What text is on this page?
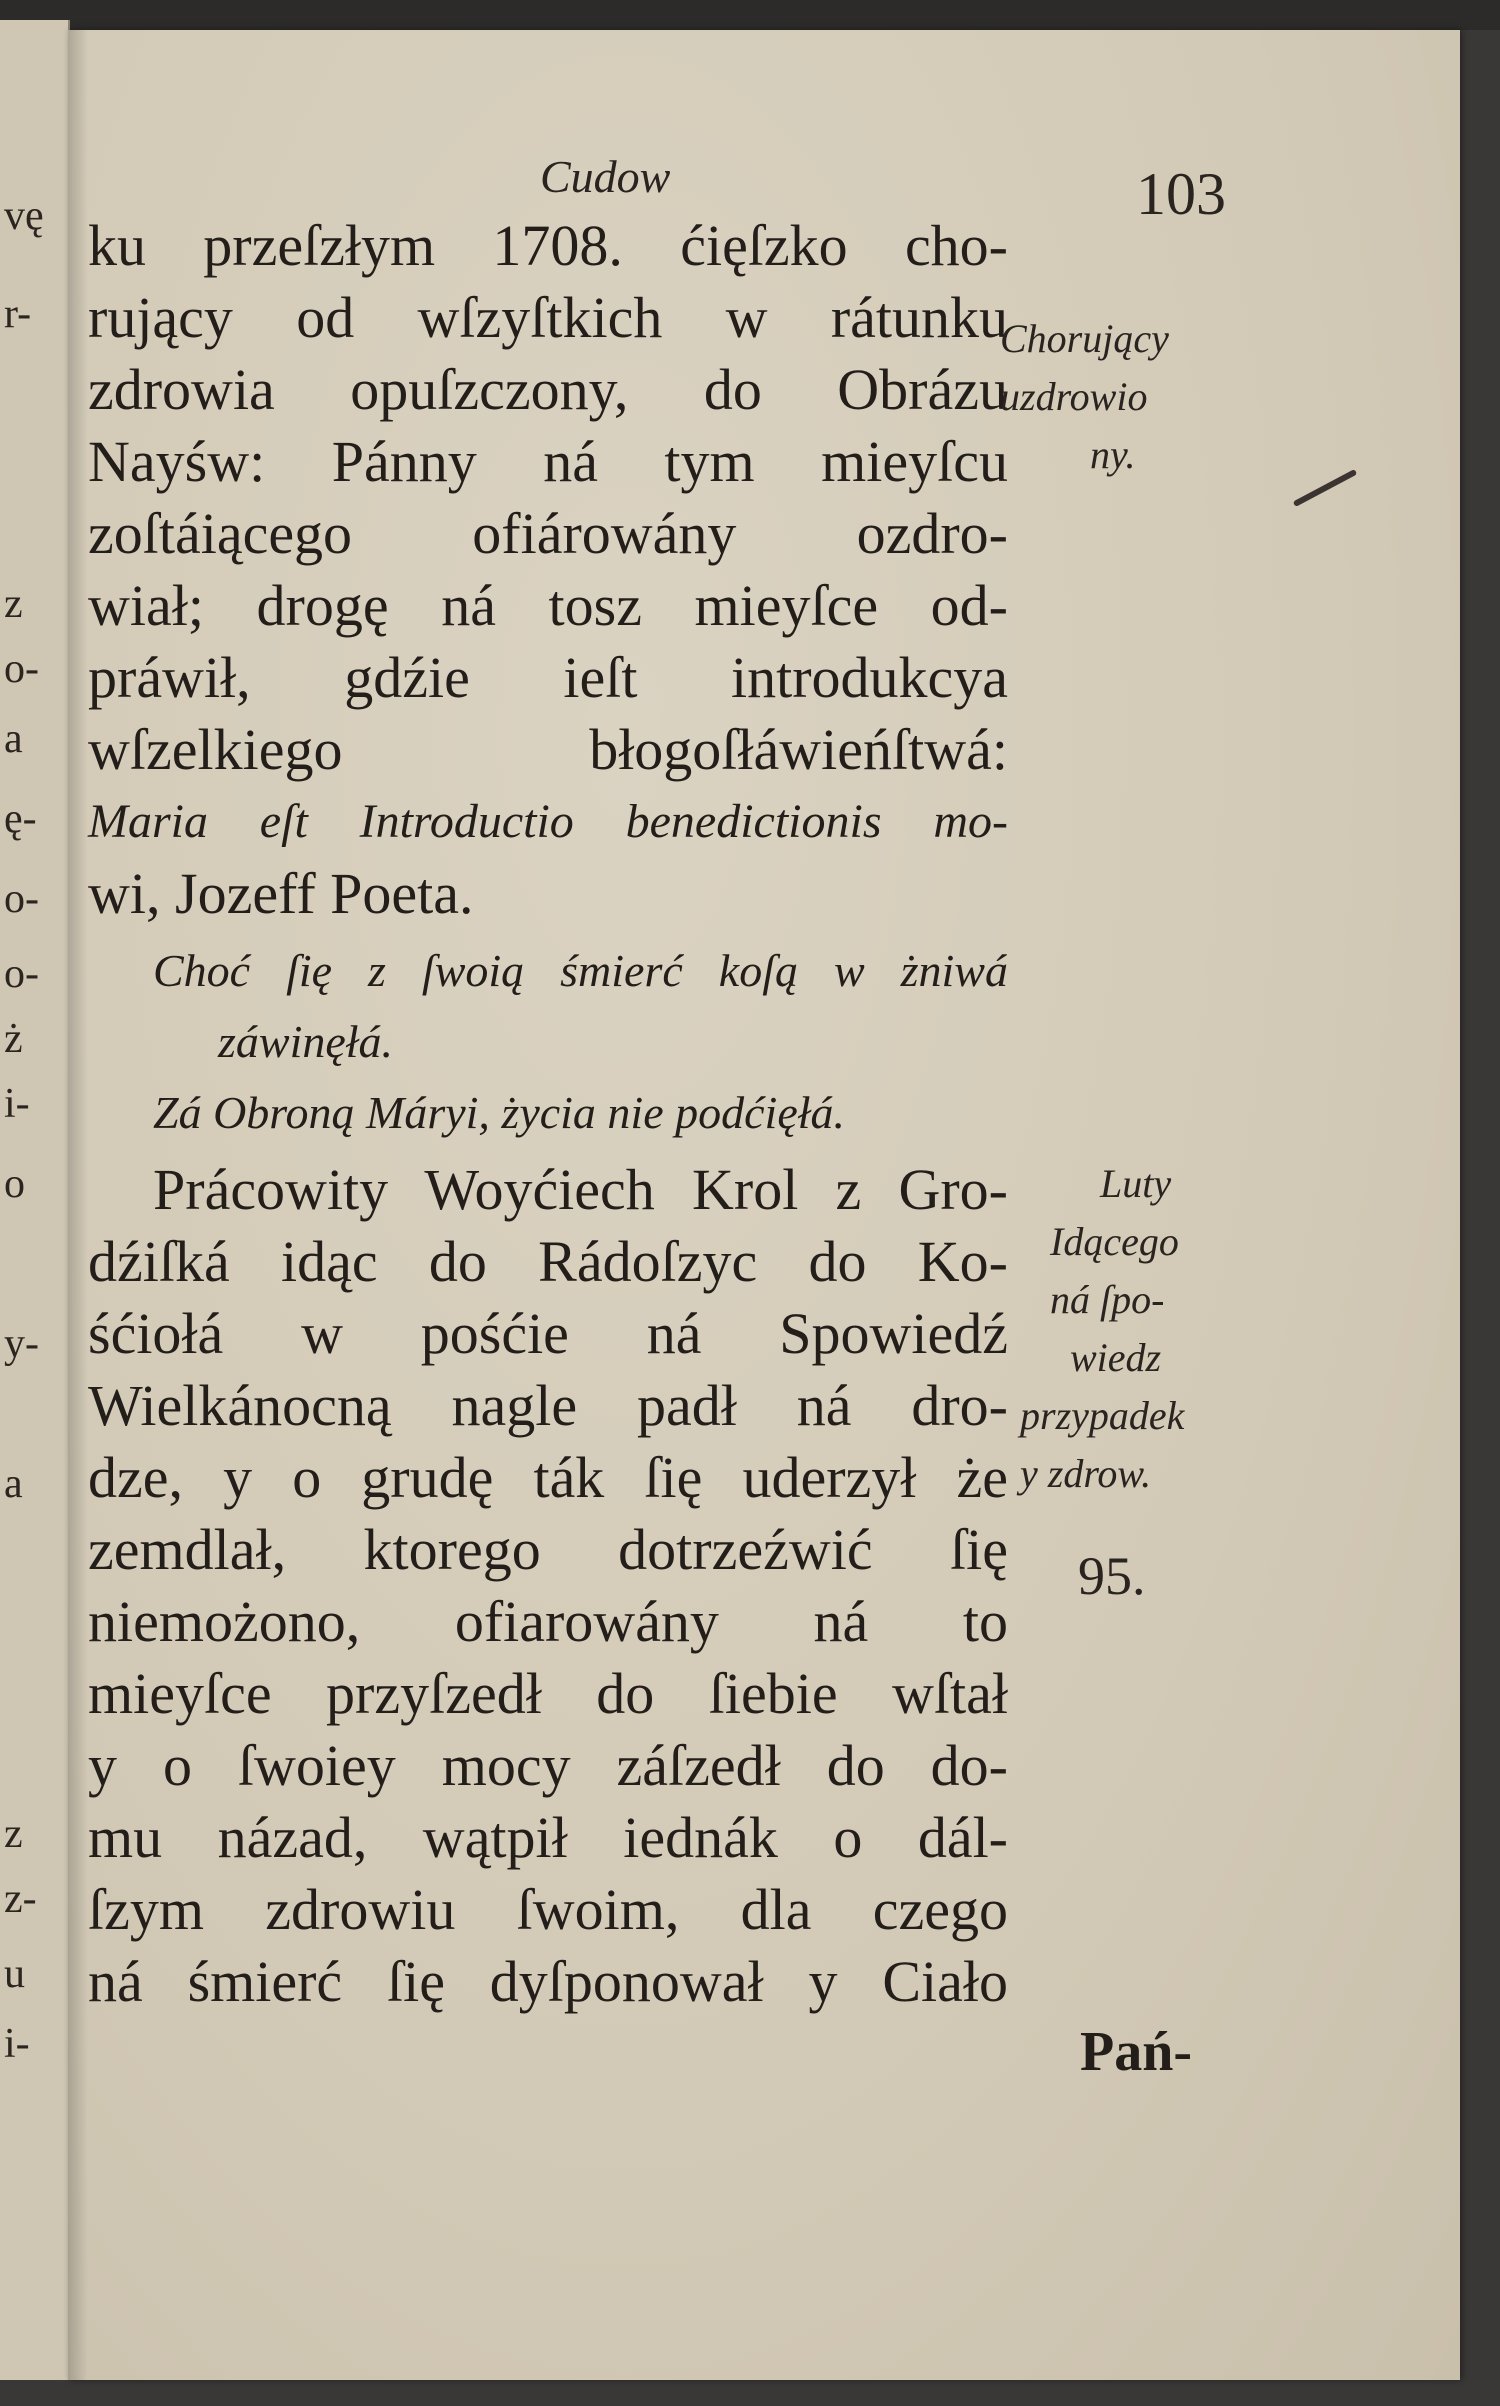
vę
r-
z
o-
a
ę-
o-
o-
ż
i-
o
y-
a
z
z-
u
i-
Cudow	103
ku przeſzłym 1708. ćięſzko cho-
rujący od wſzyſtkich w rátunku
zdrowia opuſzczony, do Obrázu
Nayśw: Pánny ná tym mieyſcu
zoſtáiącego ofiárowány ozdro-
wiał; drogę ná tosz mieyſce od-
práwił, gdźie ieſt introdukcya
wſzelkiego błogoſłáwieńſtwá:
Maria eſt Introductio benedictionis mo-
wi, Jozeff Poeta.
Choć ſię z ſwoią śmierć koſą w żniwá
záwinęłá.
Zá Obroną Máryi, życia nie podćięłá.
Prácowity Woyćiech Krol z Gro-
dźiſká idąc do Rádoſzyc do Ko-
śćiołá w pośćie ná Spowiedź
Wielkánocną nagle padł ná dro-
dze, y o grudę ták ſię uderzył że
zemdlał, ktorego dotrzeźwić ſię
niemożono, ofiarowány ná to
mieyſce przyſzedł do ſiebie wſtał
y o ſwoiey mocy záſzedł do do-
mu názad, wątpił iednák o dál-
ſzym zdrowiu ſwoim, dla czego
ná śmierć ſię dyſponował y Ciało
Chorujący
uzdrowio
ny.
Luty
Idącego
ná ſpo-
wiedz
przypadek
y zdrow.
95.
Pań-
